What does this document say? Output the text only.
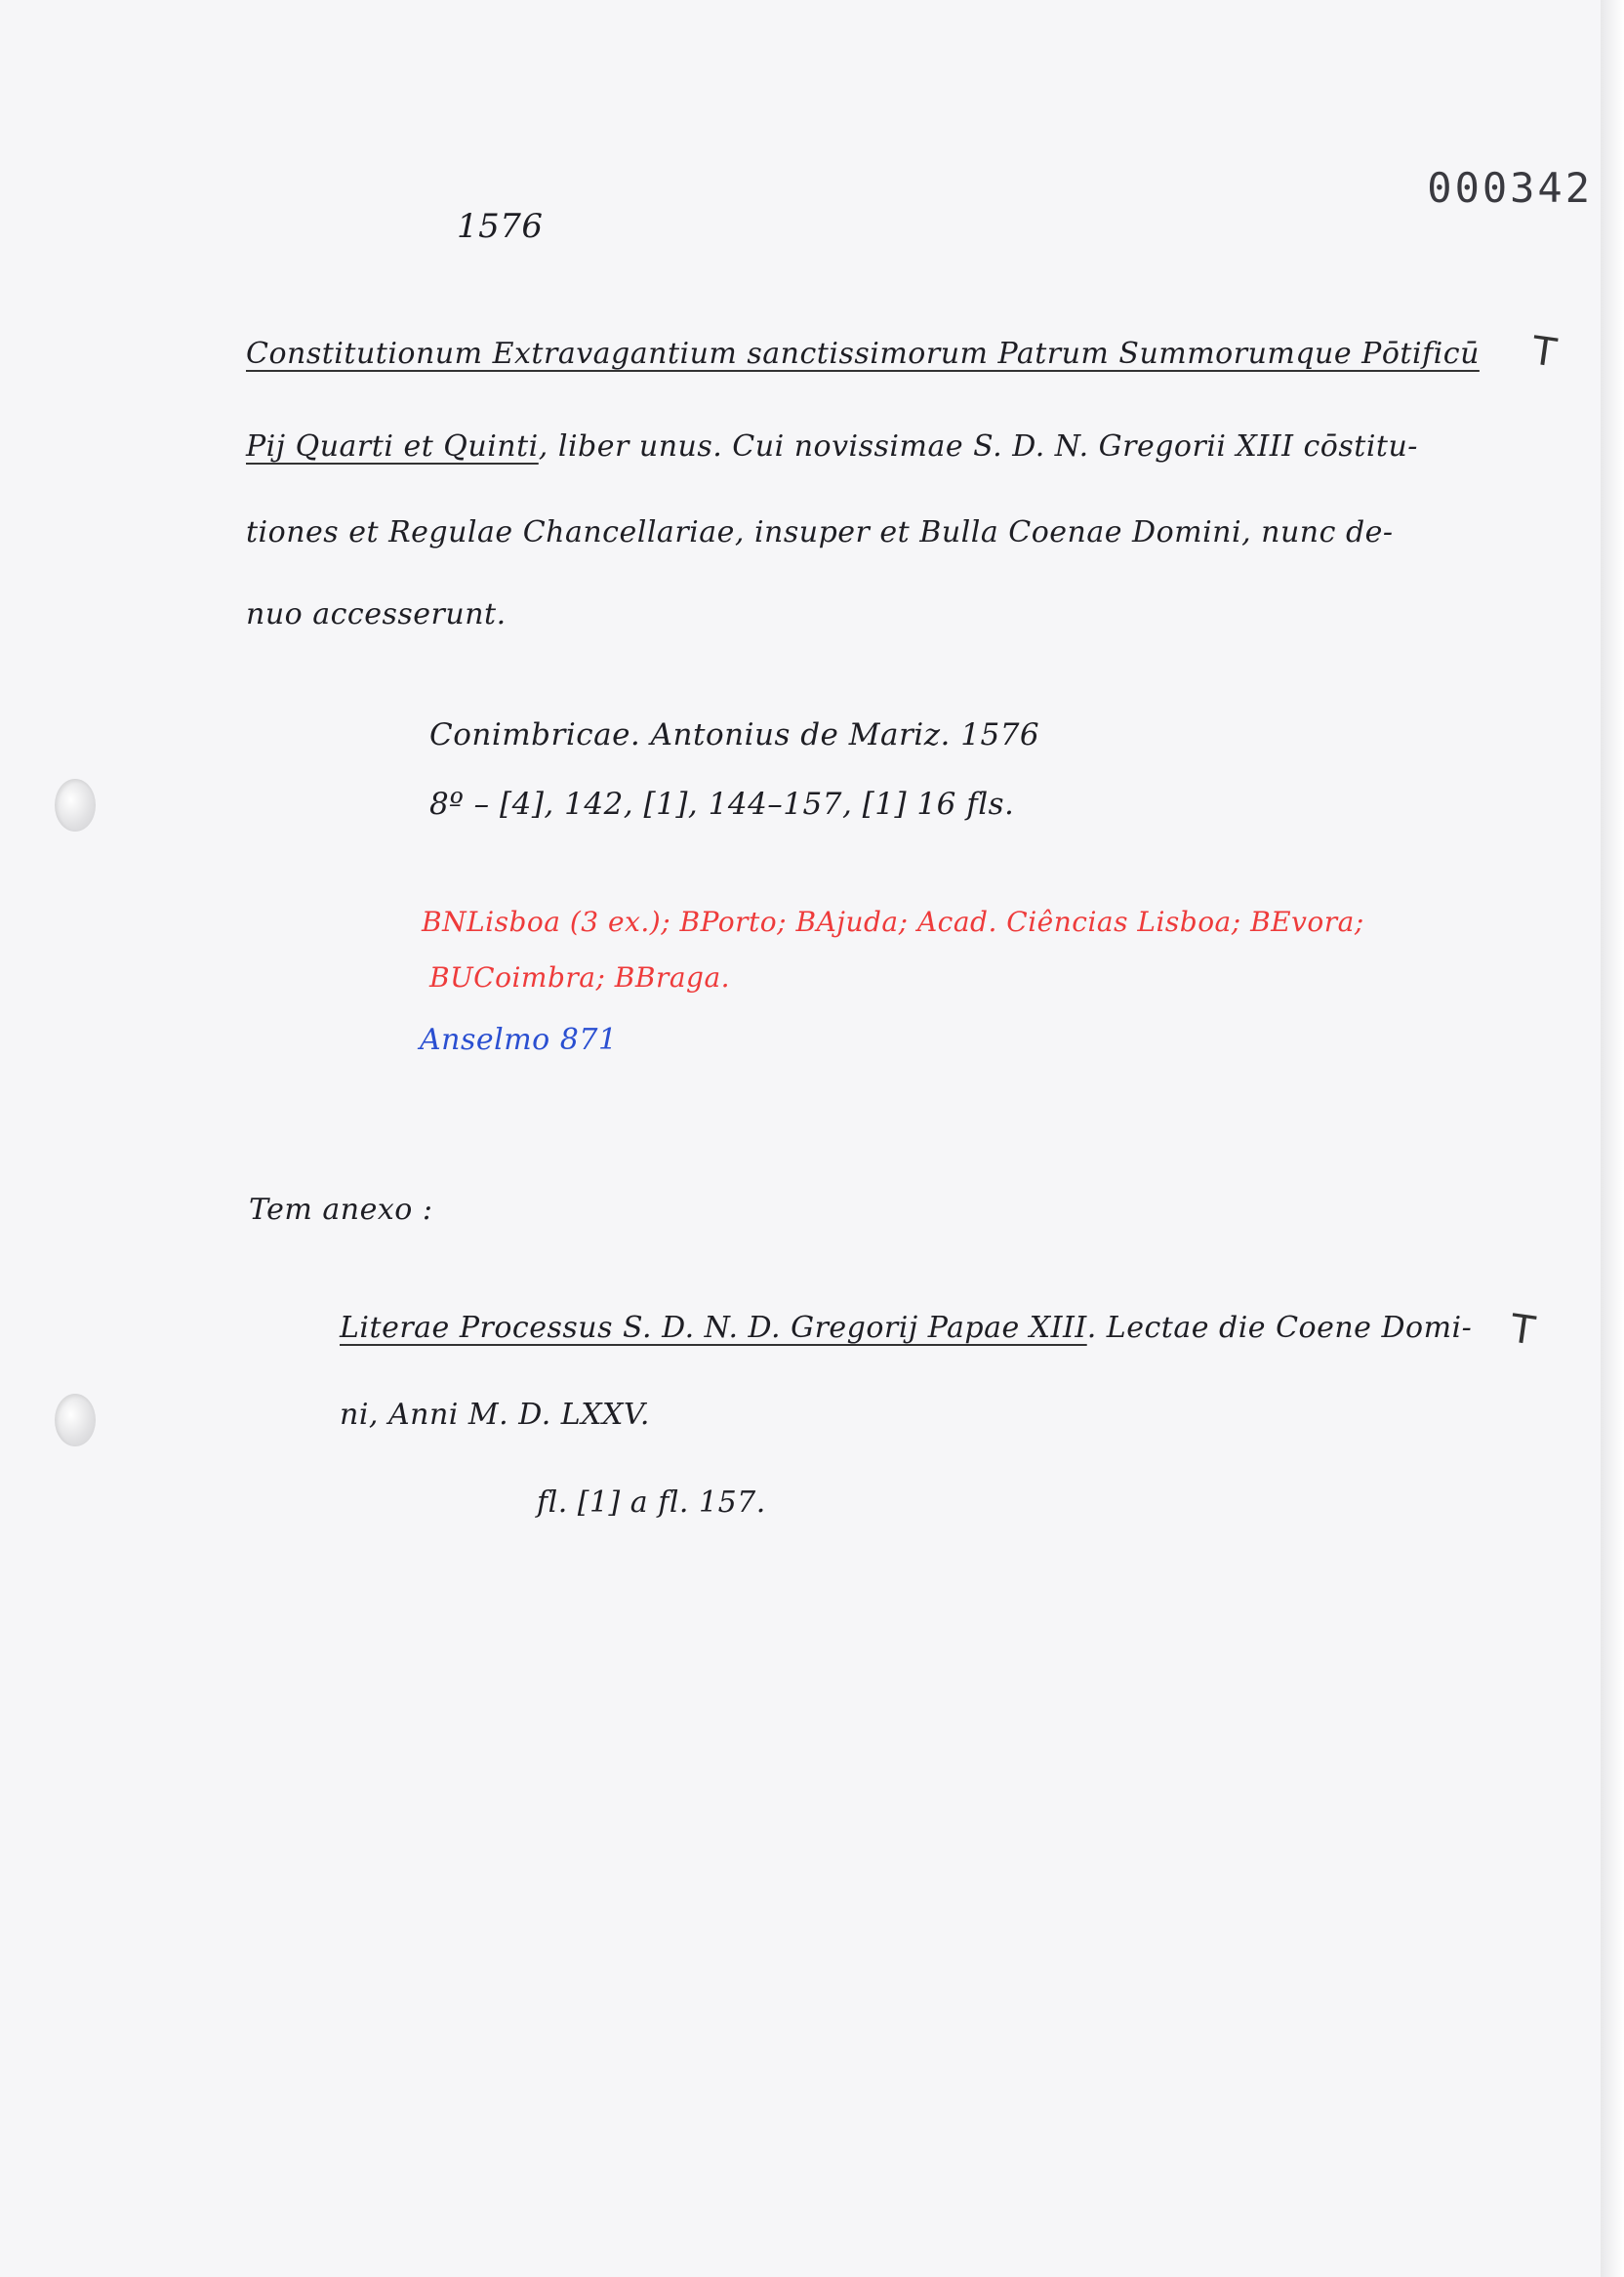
1576
000342
Constitutionum Extravagantium sanctissimorum Patrum Summorumque Pōtificū T
Pij Quarti et Quinti, liber unus. Cui novissimae S. D. N. Gregorii XIII cōstitu-
tiones et Regulae Chancellariae, insuper et Bulla Coenae Domini, nunc de-
nuo accesserunt.
Conimbricae. Antonius de Mariz. 1576
8º – [4], 142, [1], 144–157, [1] 16 fls.
BNLisboa (3 ex.); BPorto; BAjuda; Acad. Ciências Lisboa; BEvora;
BUCoimbra; BBraga.
Anselmo 871
Tem anexo :
Literae Processus S. D. N. D. Gregorij Papae XIII. Lectae die Coene Domi- T
ni, Anni M. D. LXXV.
fl. [1] a fl. 157.
